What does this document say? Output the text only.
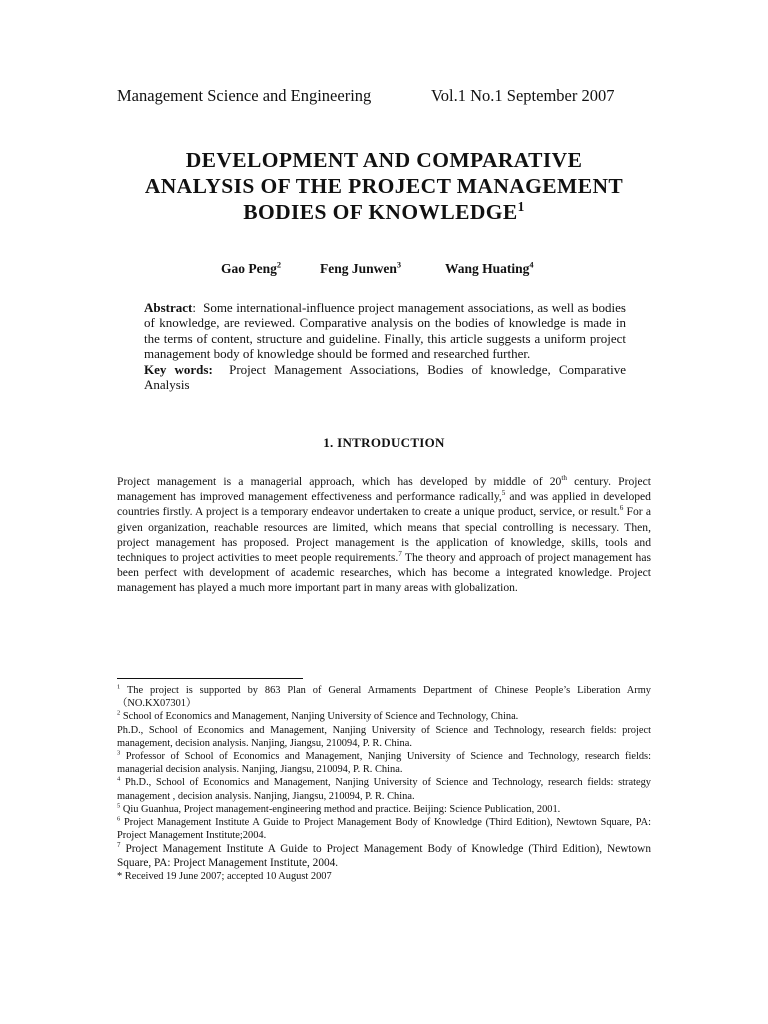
Management Science and Engineering	Vol.1 No.1 September 2007
DEVELOPMENT AND COMPARATIVE
ANALYSIS OF THE PROJECT MANAGEMENT
BODIES OF KNOWLEDGE$^1$
Gao Peng$^2$	Feng Junwen$^3$	Wang Huating$^4$

Abstract:  Some international-influence project management associations, as well as bodies of knowledge, are reviewed. Comparative analysis on the bodies of knowledge is made in the terms of content, structure and guideline. Finally, this article suggests a uniform project management body of knowledge should be formed and researched further.

Key words: Project Management Associations, Bodies of knowledge, Comparative Analysis

1. INTRODUCTION

Project management is a managerial approach, which has developed by middle of 20th century. Project management has improved management effectiveness and performance radically,$^5$ and was applied in developed countries firstly. A project is a temporary endeavor undertaken to create a unique product, service, or result.$^6$ For a given organization, reachable resources are limited, which means that special controlling is necessary. Then, project management has proposed. Project management is the application of knowledge, skills, tools and techniques to project activities to meet people requirements.$^7$ The theory and approach of project management has been perfect with development of academic researches, which has become a integrated knowledge. Project management has played a much more important part in many areas with globalization.

$^1$ The project is supported by 863 Plan of General Armaments Department of Chinese People’s Liberation Army （NO.KX07301）

$^2$ School of Economics and Management, Nanjing University of Science and Technology, China.

Ph.D., School of Economics and Management, Nanjing University of Science and Technology, research fields: project management, decision analysis. Nanjing, Jiangsu, 210094, P. R. China.

$^3$ Professor of School of Economics and Management, Nanjing University of Science and Technology, research fields: managerial decision analysis. Nanjing, Jiangsu, 210094, P. R. China.

$^4$ Ph.D., School of Economics and Management, Nanjing University of Science and Technology, research fields: strategy management , decision analysis. Nanjing, Jiangsu, 210094, P. R. China.

$^5$ Qiu Guanhua, Project management-engineering method and practice. Beijing: Science Publication, 2001.

$^6$ Project Management Institute A Guide to Project Management Body of Knowledge (Third Edition), Newtown Square, PA: Project Management Institute;2004.

$^7$ Project Management Institute A Guide to Project Management Body of Knowledge (Third Edition), Newtown Square, PA: Project Management Institute, 2004.

* Received 19 June 2007; accepted 10 August 2007
